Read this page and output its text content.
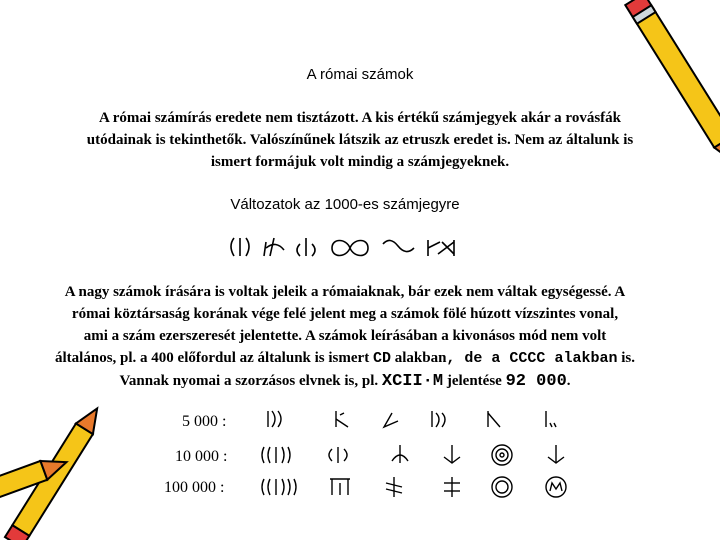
A római számok
A római számírás eredete nem tisztázott. A kis értékű számjegyek akár a rovásfák
utódainak is tekinthetők. Valószínűnek látszik az etruszk eredet is. Nem az általunk is
ismert formájuk volt mindig a számjegyeknek.
Változatok az 1000-es számjegyre
A nagy számok írására is voltak jeleik a rómaiaknak, bár ezek nem váltak egységessé. A
római köztársaság korának vége felé jelent meg a számok fölé húzott vízszintes vonal,
ami a szám ezerszeresét jelentette. A számok leírásában a kivonásos mód nem volt
általános, pl. a 400 előfordul az általunk is ismert CD alakban, de a CCCC alakban is.
Vannak nyomai a szorzásos elvnek is, pl. XCII·M jelentése 92 000.
5 000 :
10 000 :
100 000 :
